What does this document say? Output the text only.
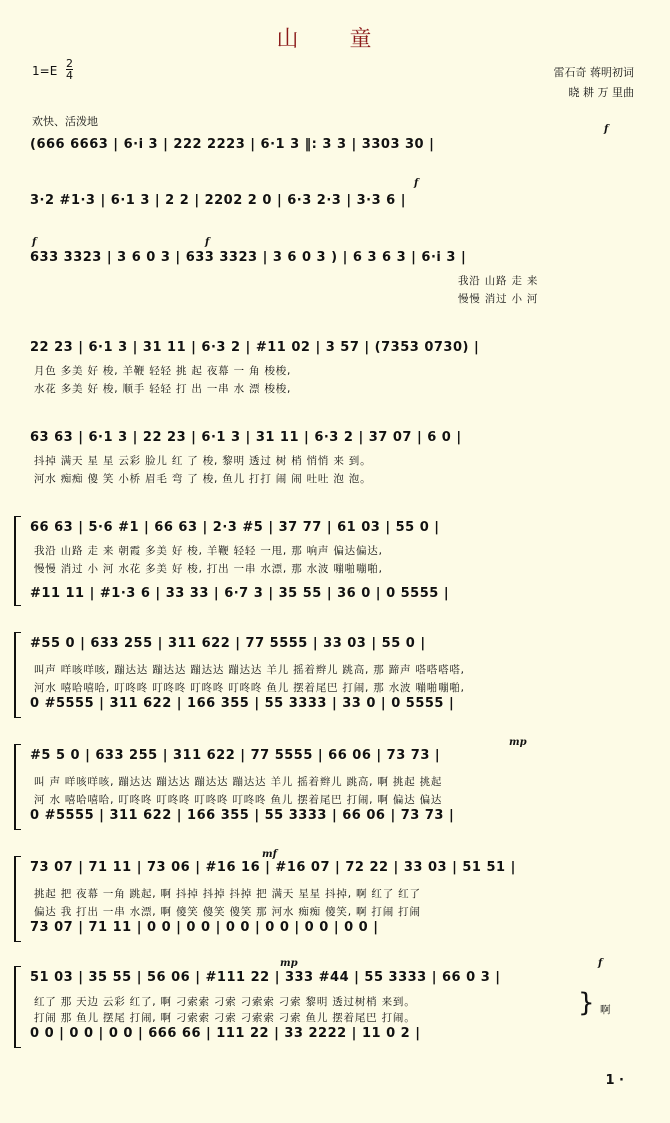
山 童
$1=E \frac{2}{4}$	雷石奇 蒋明初词
晓 耕 万 里曲
欢快、活泼地
f
f
f	f
mp
mf
mp	f
(666 6663 | 6·i 3 | 222 2223 | 6·1 3 ‖: 3 3 | 3303 30 |
3·2 #1·3 | 6·1 3 | 2 2 | 2202 2 0 | 6·3 2·3 | 3·3 6 |
633 3323 | 3 6 0 3 | 633 3323 | 3 6 0 3 ) | 6 3 6 3 | 6·i 3 |
我沿 山路 走 来
慢慢 消过 小 河
22 23 | 6·1 3 | 31 11 | 6·3 2 | #11 02 | 3 57 | (7353 0730) |
月色 多美 好 梭, 羊鞭 轻轻 挑 起 夜幕 一 角 梭梭,
水花 多美 好 梭, 顺手 轻轻 打 出 一串 水 漂 梭梭,
63 63 | 6·1 3 | 22 23 | 6·1 3 | 31 11 | 6·3 2 | 37 07 | 6 0 |
抖掉 满天 星 星 云彩 脸儿 红 了 梭, 黎明 透过 树 梢 悄悄 来 到。
河水 痴痴 傻 笑 小桥 眉毛 弯 了 梭, 鱼儿 打打 闹 闹 吐吐 泡 泡。
66 63 | 5·6 #1 | 66 63 | 2·3 #5 | 37 77 | 61 03 | 55 0 |
我沿 山路 走 来 朝霞 多美 好 梭, 羊鞭 轻轻 一甩, 那 响声 偏达偏达,
慢慢 消过 小 河 水花 多美 好 梭, 打出 一串 水漂, 那 水波 嘣啪嘣啪,
#11 11 | #1·3 6 | 33 33 | 6·7 3 | 35 55 | 36 0 | 0 5555 |
#55 0 | 633 255 | 311 622 | 77 5555 | 33 03 | 55 0 |
叫声 咩咳咩咳, 蹦达达 蹦达达 蹦达达 蹦达达 羊儿 摇着辫儿 跳高, 那 蹄声 嗒嗒嗒嗒,
河水 嘻哈嘻哈, 叮咚咚 叮咚咚 叮咚咚 叮咚咚 鱼儿 摆着尾巴 打闹, 那 水波 嘣啪嘣啪,
0 #5555 | 311 622 | 166 355 | 55 3333 | 33 0 | 0 5555 |
#5 5 0 | 633 255 | 311 622 | 77 5555 | 66 06 | 73 73 |
叫 声 咩咳咩咳, 蹦达达 蹦达达 蹦达达 蹦达达 羊儿 摇着辫儿 跳高, 啊 挑起 挑起
河 水 嘻哈嘻哈, 叮咚咚 叮咚咚 叮咚咚 叮咚咚 鱼儿 摆着尾巴 打闹, 啊 偏达 偏达
0 #5555 | 311 622 | 166 355 | 55 3333 | 66 06 | 73 73 |
73 07 | 71 11 | 73 06 | #16 16 | #16 07 | 72 22 | 33 03 | 51 51 |
挑起 把 夜幕 一角 跳起, 啊 抖掉 抖掉 抖掉 把 满天 星星 抖掉, 啊 红了 红了
偏达 我 打出 一串 水漂, 啊 傻笑 傻笑 傻笑 那 河水 痴痴 傻笑, 啊 打闹 打闹
73 07 | 71 11 | 0 0 | 0 0 | 0 0 | 0 0 | 0 0 | 0 0 |
51 03 | 35 55 | 56 06 | #111 22 | 333 #44 | 55 3333 | 66 0 3 |
红了 那 天边 云彩 红了, 啊 刁索索 刁索 刁索索 刁索 黎明 透过树梢 来到。
打闹 那 鱼儿 摆尾 打闹, 啊 刁索索 刁索 刁索索 刁索 鱼儿 摆着尾巴 打闹。	} 啊
0 0 | 0 0 | 0 0 | 666 66 | 111 22 | 33 2222 | 11 0 2 |
1 ·
